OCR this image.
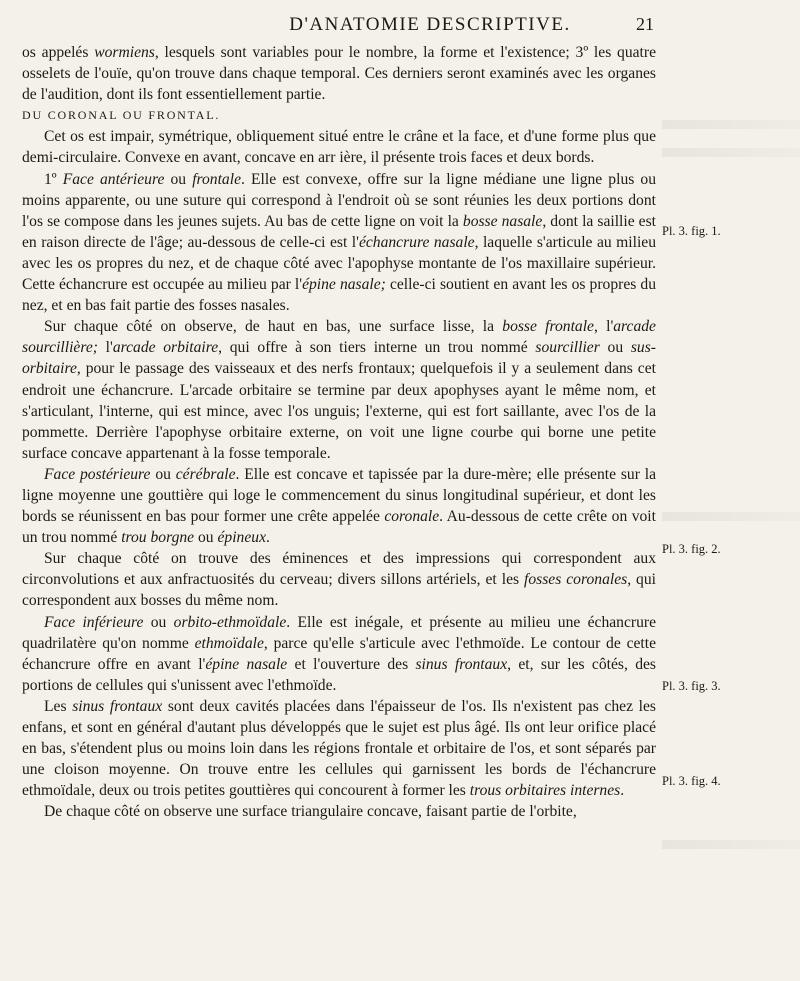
D'ANATOMIE DESCRIPTIVE.	21

os appelés wormiens, lesquels sont variables pour le nombre, la forme et l'existence; 3º les quatre osselets de l'ouïe, qu'on trouve dans chaque temporal. Ces derniers seront examinés avec les organes de l'audition, dont ils font essentiellement partie.

DU CORONAL OU FRONTAL.

Cet os est impair, symétrique, obliquement situé entre le crâne et la face, et d'une forme plus que demi-circulaire. Convexe en avant, concave en arr ière, il présente trois faces et deux bords.

1º Face antérieure ou frontale. Elle est convexe, offre sur la ligne médiane une ligne plus ou moins apparente, ou une suture qui correspond à l'endroit où se sont réunies les deux portions dont l'os se compose dans les jeunes sujets. Au bas de cette ligne on voit la bosse nasale, dont la saillie est en raison directe de l'âge; au-dessous de celle-ci est l'échancrure nasale, laquelle s'articule au milieu avec les os propres du nez, et de chaque côté avec l'apophyse montante de l'os maxillaire supérieur. Cette échancrure est occupée au milieu par l'épine nasale; celle-ci soutient en avant les os propres du nez, et en bas fait partie des fosses nasales.

Sur chaque côté on observe, de haut en bas, une surface lisse, la bosse frontale, l'arcade sourcillière; l'arcade orbitaire, qui offre à son tiers interne un trou nommé sourcillier ou sus-orbitaire, pour le passage des vaisseaux et des nerfs frontaux; quelquefois il y a seulement dans cet endroit une échancrure. L'arcade orbitaire se termine par deux apophyses ayant le même nom, et s'articulant, l'interne, qui est mince, avec l'os unguis; l'externe, qui est fort saillante, avec l'os de la pommette. Derrière l'apophyse orbitaire externe, on voit une ligne courbe qui borne une petite surface concave appartenant à la fosse temporale.

Face postérieure ou cérébrale. Elle est concave et tapissée par la dure-mère; elle présente sur la ligne moyenne une gouttière qui loge le commencement du sinus longitudinal supérieur, et dont les bords se réunissent en bas pour former une crête appelée coronale. Au-dessous de cette crête on voit un trou nommé trou borgne ou épineux.

Sur chaque côté on trouve des éminences et des impressions qui correspondent aux circonvolutions et aux anfractuosités du cerveau; divers sillons artériels, et les fosses coronales, qui correspondent aux bosses du même nom.

Face inférieure ou orbito-ethmoïdale. Elle est inégale, et présente au milieu une échancrure quadrilatère qu'on nomme ethmoïdale, parce qu'elle s'articule avec l'ethmoïde. Le contour de cette échancrure offre en avant l'épine nasale et l'ouverture des sinus frontaux, et, sur les côtés, des portions de cellules qui s'unissent avec l'ethmoïde.

Les sinus frontaux sont deux cavités placées dans l'épaisseur de l'os. Ils n'existent pas chez les enfans, et sont en général d'autant plus développés que le sujet est plus âgé. Ils ont leur orifice placé en bas, s'étendent plus ou moins loin dans les régions frontale et orbitaire de l'os, et sont séparés par une cloison moyenne. On trouve entre les cellules qui garnissent les bords de l'échancrure ethmoïdale, deux ou trois petites gouttières qui concourent à former les trous orbitaires internes.

De chaque côté on observe une surface triangulaire concave, faisant partie de l'orbite,

Pl. 3. fig. 1.
Pl. 3. fig. 2.
Pl. 3. fig. 3.
Pl. 3. fig. 4.
